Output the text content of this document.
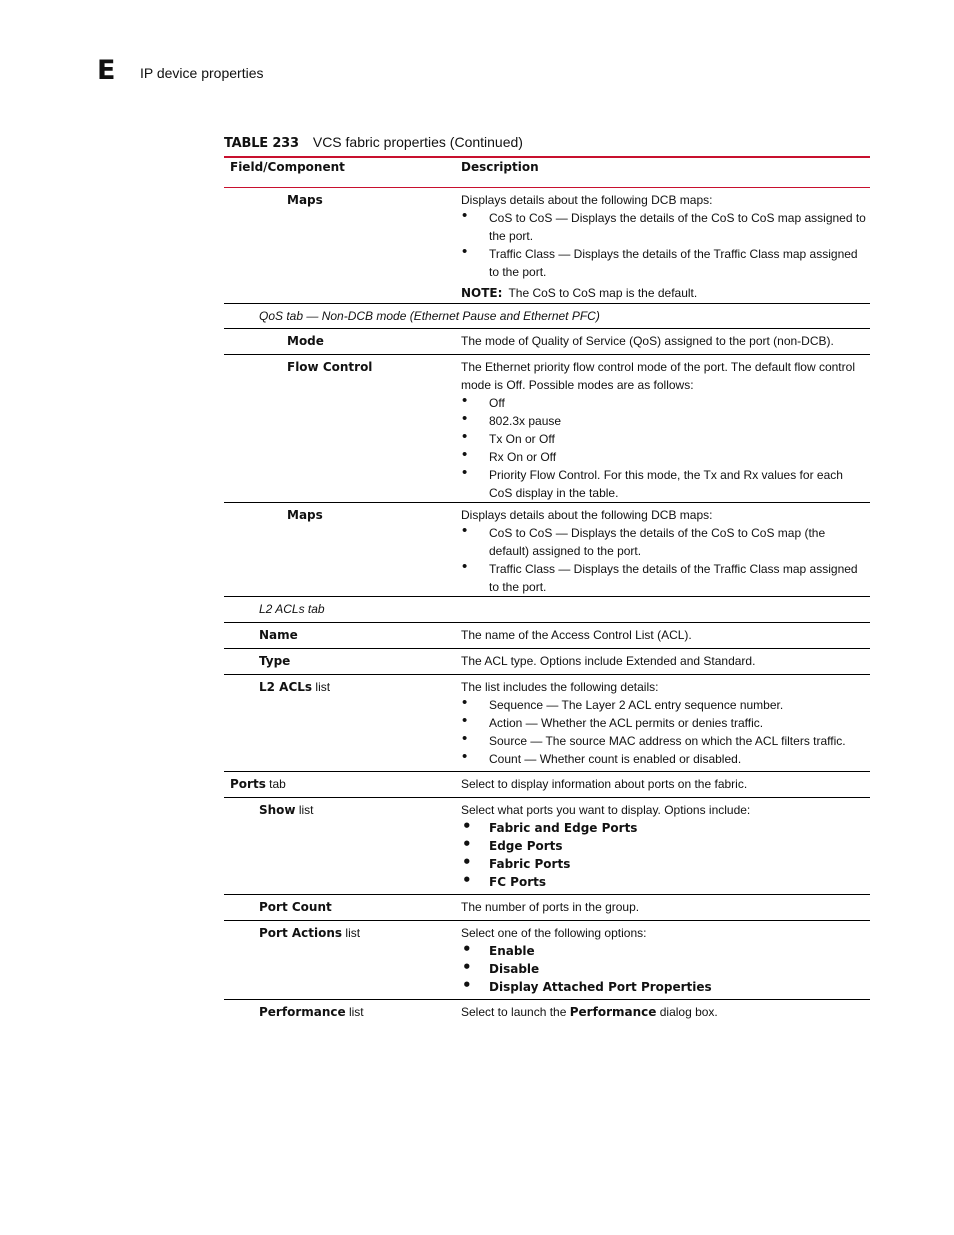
E IP device properties
TABLE 233 VCS fabric properties (Continued)
Field/Component	Description
Maps	Displays details about the following DCB maps:

• CoS to CoS — Displays the details of the CoS to CoS map assigned to the port.
• Traffic Class — Displays the details of the Traffic Class map assigned to the port.

NOTE: The CoS to CoS map is the default.

QoS tab — Non-DCB mode (Ethernet Pause and Ethernet PFC)
Mode	The mode of Quality of Service (QoS) assigned to the port (non-DCB).
Flow Control	The Ethernet priority flow control mode of the port. The default flow control mode is Off. Possible modes are as follows:

• Off
• 802.3x pause
• Tx On or Off
• Rx On or Off
• Priority Flow Control. For this mode, the Tx and Rx values for each CoS display in the table.
Maps	Displays details about the following DCB maps:

• CoS to CoS — Displays the details of the CoS to CoS map (the default) assigned to the port.
• Traffic Class — Displays the details of the Traffic Class map assigned to the port.
L2 ACLs tab
Name	The name of the Access Control List (ACL).
Type	The ACL type. Options include Extended and Standard.
L2 ACLs list	The list includes the following details:

• Sequence — The Layer 2 ACL entry sequence number.
• Action — Whether the ACL permits or denies traffic.
• Source — The source MAC address on which the ACL filters traffic.
• Count — Whether count is enabled or disabled.
Ports tab	Select to display information about ports on the fabric.
Show list	Select what ports you want to display. Options include:

• Fabric and Edge Ports
• Edge Ports
• Fabric Ports
• FC Ports
Port Count	The number of ports in the group.
Port Actions list	Select one of the following options:

• Enable
• Disable
• Display Attached Port Properties
Performance list	Select to launch the Performance dialog box.
